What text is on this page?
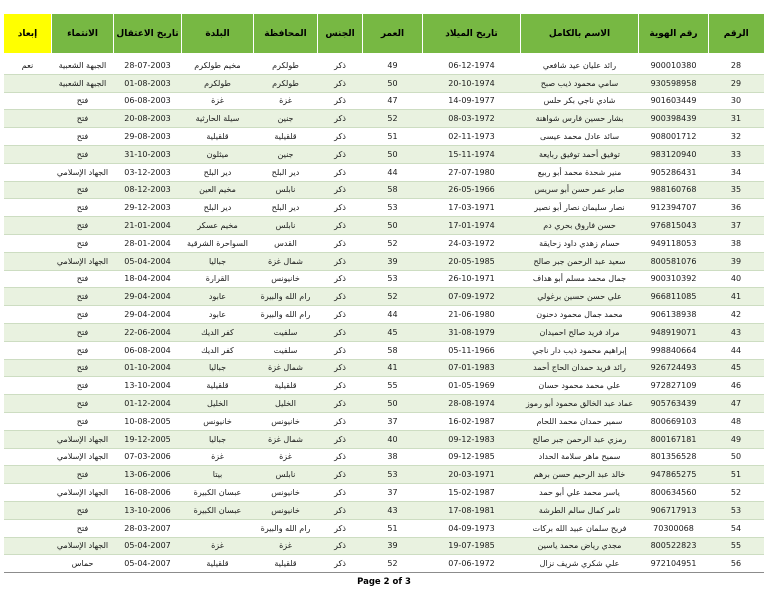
الرقم	رقم الهوية	الاسم بالكامل	تاريخ الميلاد	العمر	الجنس	المحافظة	البلدة	تاريخ الاعتقال	الانتماء	إبعاد
28	900010380	رائد عليان عيد شافعي	06-12-1974	49	ذكر	طولكرم	مخيم طولكرم	28-07-2003	الجبهة الشعبية	نعم
29	930598958	سامي محمود ذيب صبح	20-10-1974	50	ذكر	طولكرم	طولكرم	01-08-2003	الجبهة الشعبية	
30	901603449	شادي ناجي بكر حلس	14-09-1977	47	ذكر	غزة	غزة	06-08-2003	فتح	
31	900398439	بشار حسين فارس شواهنة	08-03-1972	52	ذكر	جنين	سيلة الحارثية	20-08-2003	فتح	
32	908001712	سائد عادل محمد عيسى	02-11-1973	51	ذكر	قلقيلية	قلقيلية	29-08-2003	فتح	
33	983120940	توفيق أحمد توفيق ربايعة	15-11-1974	50	ذكر	جنين	ميثلون	31-10-2003	فتح	
34	905286431	منير شحدة محمد أبو ربيع	27-07-1980	44	ذكر	دير البلح	دير البلح	03-12-2003	الجهاد الإسلامي	
35	988160768	صابر عمر حسن أبو سريس	26-05-1966	58	ذكر	نابلس	مخيم العين	08-12-2003	فتح	
36	912394707	نصار سليمان نصار أبو نصير	17-03-1971	53	ذكر	دير البلح	دير البلح	29-12-2003	فتح	
37	976815043	حسن فاروق بحري دم	17-01-1974	50	ذكر	نابلس	مخيم عسكر	21-01-2004	فتح	
38	949118053	حسام زهدي داود زحايقة	24-03-1972	52	ذكر	القدس	السواحرة الشرقية	28-01-2004	فتح	
39	800581076	سعيد عبد الرحمن جبر صالح	20-05-1985	39	ذكر	شمال غزة	جباليا	05-04-2004	الجهاد الإسلامي	
40	900310392	جمال محمد مسلم أبو هداف	26-10-1971	53	ذكر	خانيونس	القرارة	18-04-2004	فتح	
41	966811085	علي حسن حسين برغولي	07-09-1972	52	ذكر	رام الله والبيرة	عابود	29-04-2004	فتح	
42	906138938	محمد جمال محمود دحنون	21-06-1980	44	ذكر	رام الله والبيرة	عابود	29-04-2004	فتح	
43	948919071	مراد فريد صالح احميدان	31-08-1979	45	ذكر	سلفيت	كفر الديك	22-06-2004	فتح	
44	998840664	إبراهيم محمود ذيب دار ناجي	05-11-1966	58	ذكر	سلفيت	كفر الديك	06-08-2004	فتح	
45	926724493	رائد فريد حمدان الحاج أحمد	07-01-1983	41	ذكر	شمال غزة	جباليا	01-10-2004	فتح	
46	972827109	علي محمد محمود حسان	01-05-1969	55	ذكر	قلقيلية	قلقيلية	13-10-2004	فتح	
47	905763439	عماد عبد الخالق محمود أبو رموز	28-08-1974	50	ذكر	الخليل	الخليل	01-12-2004	فتح	
48	800669103	سمير حمدان محمد اللحام	16-02-1987	37	ذكر	خانيونس	خانيونس	10-08-2005	فتح	
49	800167181	رمزي عبد الرحمن جبر صالح	09-12-1983	40	ذكر	شمال غزة	جباليا	19-12-2005	الجهاد الإسلامي	
50	801356528	سميح ماهر سلامة الحداد	09-12-1985	38	ذكر	غزة	غزة	07-03-2006	الجهاد الإسلامي	
51	947865275	خالد عبد الرحيم حسن برهم	20-03-1971	53	ذكر	نابلس	بيتا	13-06-2006	فتح	
52	800634560	ياسر محمد علي أبو حمد	15-02-1987	37	ذكر	خانيونس	عبسان الكبيرة	16-08-2006	الجهاد الإسلامي	
53	906717913	ثامر كمال سالم الطرشة	17-08-1981	43	ذكر	خانيونس	عبسان الكبيرة	13-10-2006	فتح	
54	70300068	فريح سلمان عبيد الله بركات	04-09-1973	51	ذكر	رام الله والبيرة		28-03-2007	فتح	
55	800522823	مجدي رياض محمد ياسين	19-07-1985	39	ذكر	غزة	غزة	05-04-2007	الجهاد الإسلامي	
56	972104951	علي شكري شريف نزال	07-06-1972	52	ذكر	قلقيلية	قلقيلية	05-04-2007	حماس	
Page 2 of 3
